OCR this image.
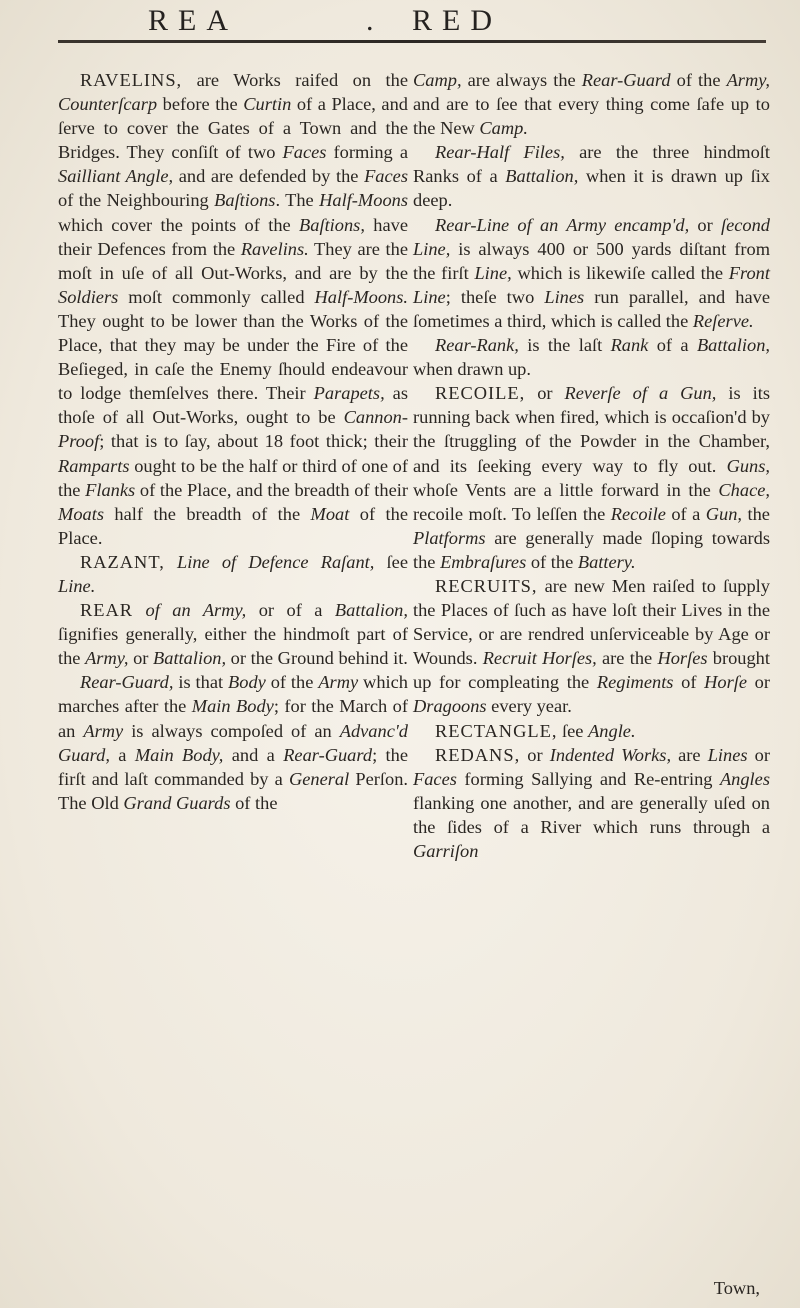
REA	. RED

RAVELINS, are Works raifed on the Counterſcarp before the Curtin of a Place, and ſerve to cover the Gates of a Town and the Bridges. They conſiſt of two Faces forming a Sailliant Angle, and are defended by the Faces of the Neighbouring Baſtions. The Half-Moons which cover the points of the Baſtions, have their Defences from the Ravelins. They are the moſt in uſe of all Out-Works, and are by the Soldiers moſt commonly called Half-Moons. They ought to be lower than the Works of the Place, that they may be under the Fire of the Beſieged, in caſe the Enemy ſhould endeavour to lodge themſelves there. Their Parapets, as thoſe of all Out-Works, ought to be Cannon-Proof; that is to ſay, about 18 foot thick; their Ramparts ought to be the half or third of one of the Flanks of the Place, and the breadth of their Moats half the breadth of the Moat of the Place.

RAZANT, Line of Defence Raſant, ſee Line.

REAR of an Army, or of a Battalion, ſignifies generally, either the hindmoſt part of the Army, or Battalion, or the Ground behind it.

Rear-Guard, is that Body of the Army which marches after the Main Body; for the March of an Army is always compoſed of an Advanc'd Guard, a Main Body, and a Rear-Guard; the firſt and laſt commanded by a General Perſon. The Old Grand Guards of the

Camp, are always the Rear-Guard of the Army, and are to ſee that every thing come ſafe up to the New Camp.

Rear-Half Files, are the three hindmoſt Ranks of a Battalion, when it is drawn up ſix deep.

Rear-Line of an Army encamp'd, or ſecond Line, is always 400 or 500 yards diſtant from the firſt Line, which is likewiſe called the Front Line; theſe two Lines run parallel, and have ſometimes a third, which is called the Reſerve.

Rear-Rank, is the laſt Rank of a Battalion, when drawn up.

RECOILE, or Reverſe of a Gun, is its running back when fired, which is occaſion'd by the ſtruggling of the Powder in the Chamber, and its ſeeking every way to fly out. Guns, whoſe Vents are a little forward in the Chace, recoile moſt. To leſſen the Recoile of a Gun, the Platforms are generally made ſloping towards the Embraſures of the Battery.

RECRUITS, are new Men raiſed to ſupply the Places of ſuch as have loſt their Lives in the Service, or are rendred unſerviceable by Age or Wounds. Recruit Horſes, are the Horſes brought up for compleating the Regiments of Horſe or Dragoons every year.

RECTANGLE, ſee Angle.

REDANS, or Indented Works, are Lines or Faces forming Sallying and Re-entring Angles flanking one another, and are generally uſed on the ſides of a River which runs through a Garriſon

Town,
